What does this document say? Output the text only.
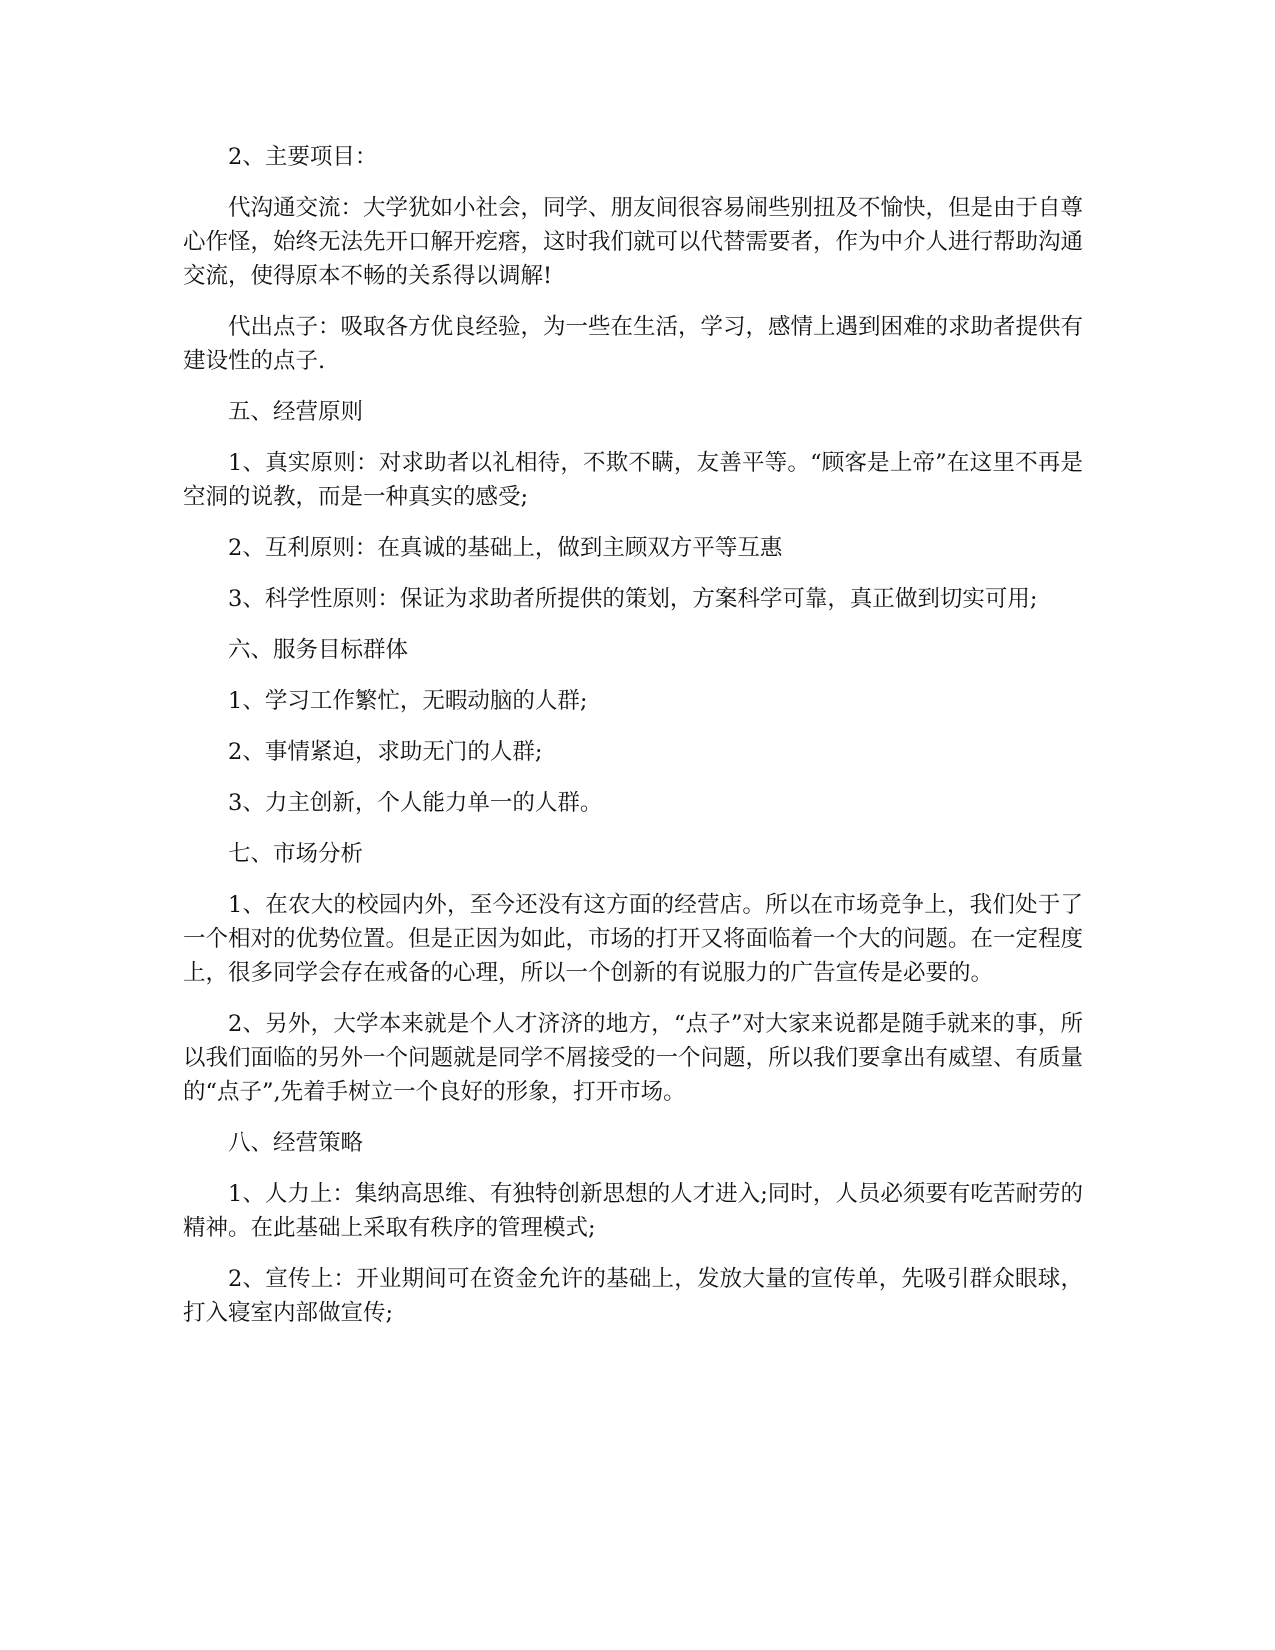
2、主要项目：

代沟通交流：大学犹如小社会，同学、朋友间很容易闹些别扭及不愉快，但是由于自尊心作怪，始终无法先开口解开疙瘩，这时我们就可以代替需要者，作为中介人进行帮助沟通交流，使得原本不畅的关系得以调解!

代出点子：吸取各方优良经验，为一些在生活，学习，感情上遇到困难的求助者提供有建设性的点子.

五、经营原则

1、真实原则：对求助者以礼相待，不欺不瞒，友善平等。“顾客是上帝”在这里不再是空洞的说教，而是一种真实的感受;

2、互利原则：在真诚的基础上，做到主顾双方平等互惠

3、科学性原则：保证为求助者所提供的策划，方案科学可靠，真正做到切实可用;

六、服务目标群体

1、学习工作繁忙，无暇动脑的人群;

2、事情紧迫，求助无门的人群;

3、力主创新，个人能力单一的人群。

七、市场分析

1、在农大的校园内外，至今还没有这方面的经营店。所以在市场竞争上，我们处于了一个相对的优势位置。但是正因为如此，市场的打开又将面临着一个大的问题。在一定程度上，很多同学会存在戒备的心理，所以一个创新的有说服力的广告宣传是必要的。

2、另外，大学本来就是个人才济济的地方，“点子”对大家来说都是随手就来的事，所以我们面临的另外一个问题就是同学不屑接受的一个问题，所以我们要拿出有威望、有质量的“点子”,先着手树立一个良好的形象，打开市场。

八、经营策略

1、人力上：集纳高思维、有独特创新思想的人才进入;同时，人员必须要有吃苦耐劳的精神。在此基础上采取有秩序的管理模式;

2、宣传上：开业期间可在资金允许的基础上，发放大量的宣传单，先吸引群众眼球，打入寝室内部做宣传;
